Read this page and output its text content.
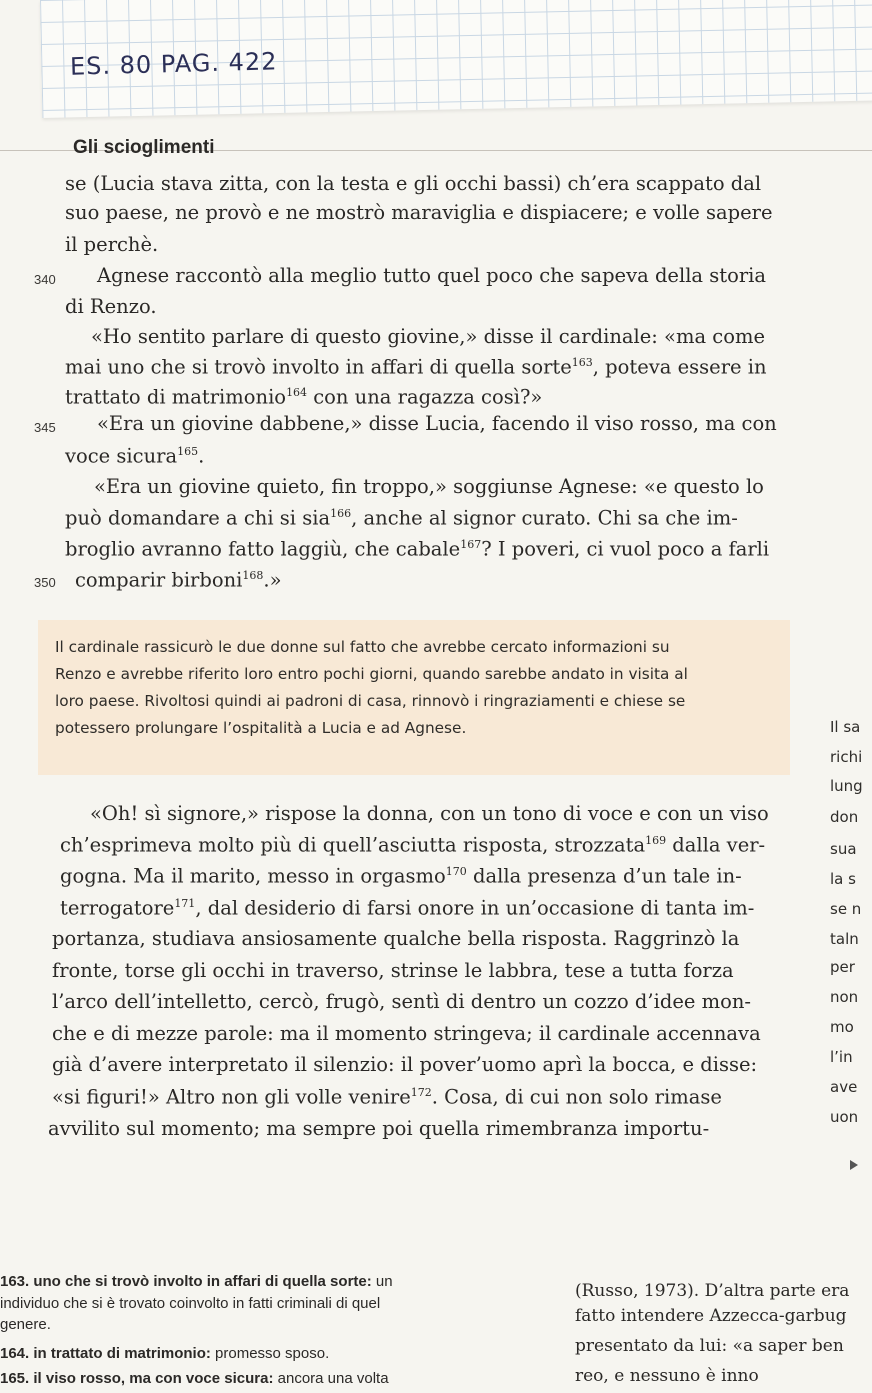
ES. 80 PAG. 422
Gli scioglimenti
se (Lucia stava zitta, con la testa e gli occhi bassi) ch’era scappato dal
suo paese, ne provò e ne mostrò maraviglia e dispiacere; e volle sapere
il perchè.
340 Agnese raccontò alla meglio tutto quel poco che sapeva della storia
di Renzo.
«Ho sentito parlare di questo giovine,» disse il cardinale: «ma come
mai uno che si trovò involto in affari di quella sorte$^{163}$, poteva essere in
trattato di matrimonio$^{164}$ con una ragazza così?»
345 «Era un giovine dabbene,» disse Lucia, facendo il viso rosso, ma con
voce sicura$^{165}$.
«Era un giovine quieto, fin troppo,» soggiunse Agnese: «e questo lo
può domandare a chi si sia$^{166}$, anche al signor curato. Chi sa che im-
broglio avranno fatto laggiù, che cabale$^{167}$? I poveri, ci vuol poco a farli
350 comparir birboni$^{168}$.»
Il cardinale rassicurò le due donne sul fatto che avrebbe cercato informazioni su
Renzo e avrebbe riferito loro entro pochi giorni, quando sarebbe andato in visita al
loro paese. Rivoltosi quindi ai padroni di casa, rinnovò i ringraziamenti e chiese se
potessero prolungare l’ospitalità a Lucia e ad Agnese.
«Oh! sì signore,» rispose la donna, con un tono di voce e con un viso
ch’esprimeva molto più di quell’asciutta risposta, strozzata$^{169}$ dalla ver-
gogna. Ma il marito, messo in orgasmo$^{170}$ dalla presenza d’un tale in-
terrogatore$^{171}$, dal desiderio di farsi onore in un’occasione di tanta im-
portanza, studiava ansiosamente qualche bella risposta. Raggrinzò la
fronte, torse gli occhi in traverso, strinse le labbra, tese a tutta forza
l’arco dell’intelletto, cercò, frugò, sentì di dentro un cozzo d’idee mon-
che e di mezze parole: ma il momento stringeva; il cardinale accennava
già d’avere interpretato il silenzio: il pover’uomo aprì la bocca, e disse:
«si figuri!» Altro non gli volle venire$^{172}$. Cosa, di cui non solo rimase
avvilito sul momento; ma sempre poi quella rimembranza importu-
Il sa
richi
lung
don
sua
la s
se n
taln
per
non
mo
l’in
ave
uon
163. uno che si trovò involto in affari di quella sorte: un
individuo che si è trovato coinvolto in fatti criminali di quel
genere.
164. in trattato di matrimonio: promesso sposo.
165. il viso rosso, ma con voce sicura: ancora una volta
(Russo, 1973). D’altra parte era
fatto intendere Azzecca-garbug
presentato da lui: «a saper ben
reo, e nessuno è inno
